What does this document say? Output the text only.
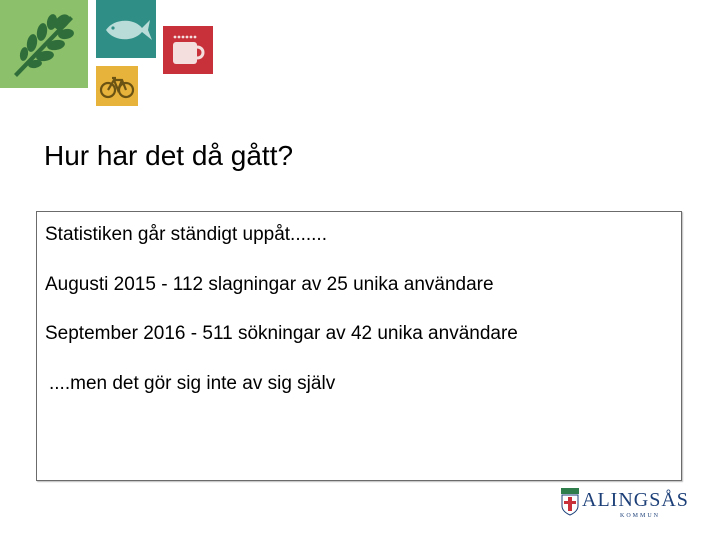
Hur har det då gått?
Statistiken går ständigt uppåt.......
Augusti 2015 - 112 slagningar av 25 unika användare
September 2016 - 511 sökningar av 42 unika användare
....men det gör sig inte av sig själv
ALINGSÅS
KOMMUN
